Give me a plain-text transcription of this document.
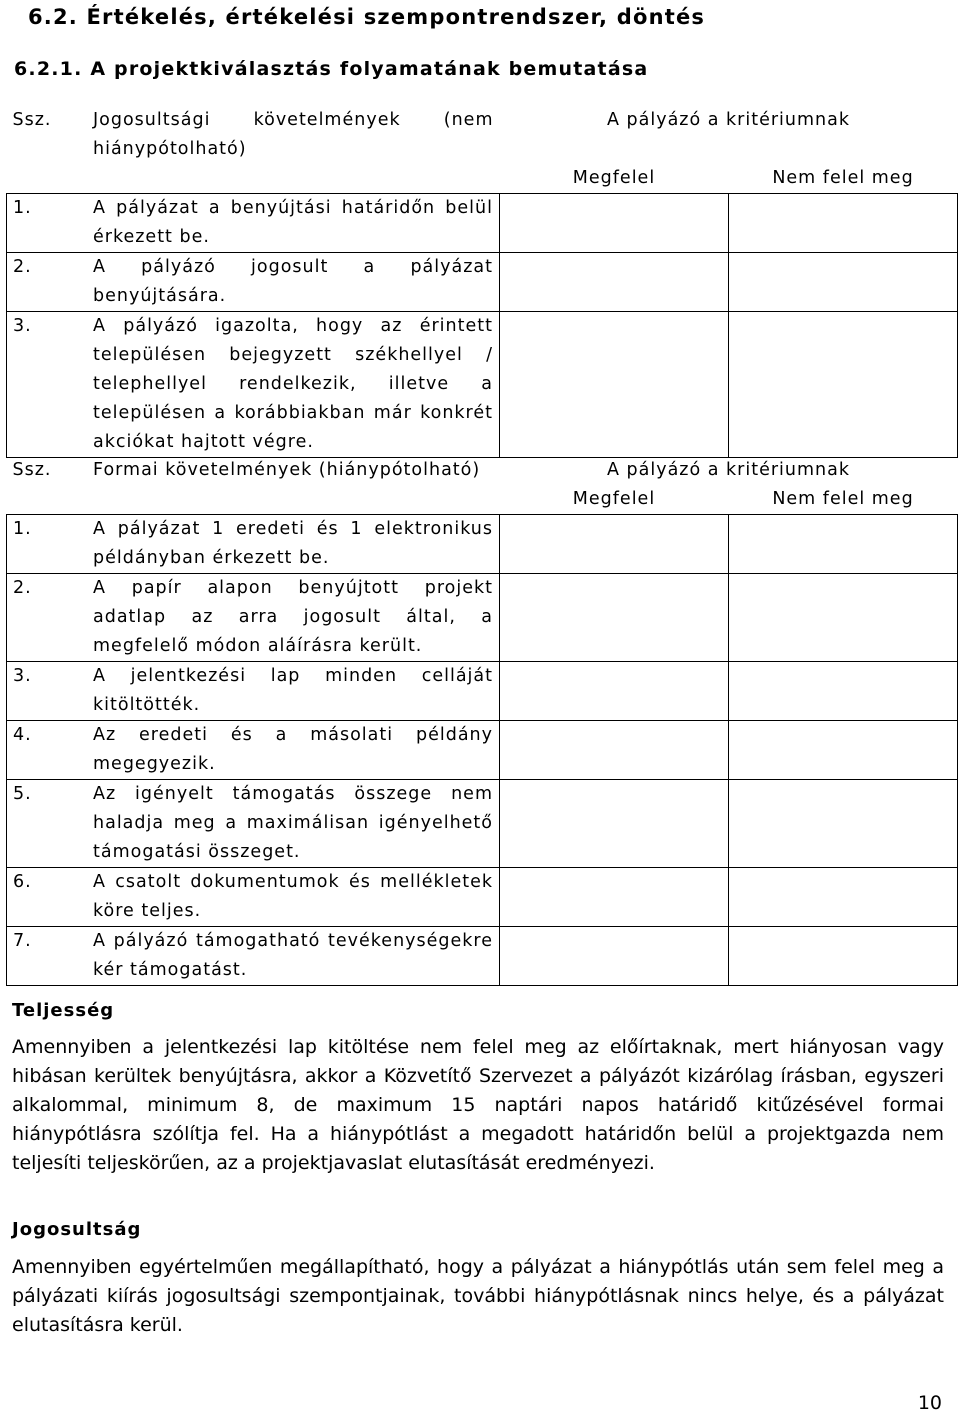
6.2. Értékelés, értékelési szempontrendszer, döntés
6.2.1. A projektkiválasztás folyamatának bemutatása
Ssz.	Jogosultsági követelmények (nem hiánypótolható)	A pályázó a kritériumnak	
		Megfelel	Nem felel meg
1.	A pályázat a benyújtási határidőn belül érkezett be.		
2.	A pályázó jogosult a pályázat benyújtására.		
3.	A pályázó igazolta, hogy az érintett településen bejegyzett székhellyel / telephellyel rendelkezik, illetve a településen a korábbiakban már konkrét akciókat hajtott végre.		
Ssz.	Formai követelmények (hiánypótolható)	A pályázó a kritériumnak	
		Megfelel	Nem felel meg
1.	A pályázat 1 eredeti és 1 elektronikus példányban érkezett be.		
2.	A papír alapon benyújtott projekt adatlap az arra jogosult által, a megfelelő módon aláírásra került.		
3.	A jelentkezési lap minden celláját kitöltötték.		
4.	Az eredeti és a másolati példány megegyezik.		
5.	Az igényelt támogatás összege nem haladja meg a maximálisan igényelhető támogatási összeget.		
6.	A csatolt dokumentumok és mellékletek köre teljes.		
7.	A pályázó támogatható tevékenységekre kér támogatást.		
Teljesség
Amennyiben a jelentkezési lap kitöltése nem felel meg az előírtaknak, mert hiányosan vagy hibásan kerültek benyújtásra, akkor a Közvetítő Szervezet a pályázót kizárólag írásban, egyszeri alkalommal, minimum 8, de maximum 15 naptári napos határidő kitűzésével formai hiánypótlásra szólítja fel. Ha a hiánypótlást a megadott határidőn belül a projektgazda nem teljesíti teljeskörűen, az a projektjavaslat elutasítását eredményezi.
Jogosultság
Amennyiben egyértelműen megállapítható, hogy a pályázat a hiánypótlás után sem felel meg a pályázati kiírás jogosultsági szempontjainak, további hiánypótlásnak nincs helye, és a pályázat elutasításra kerül.
10
